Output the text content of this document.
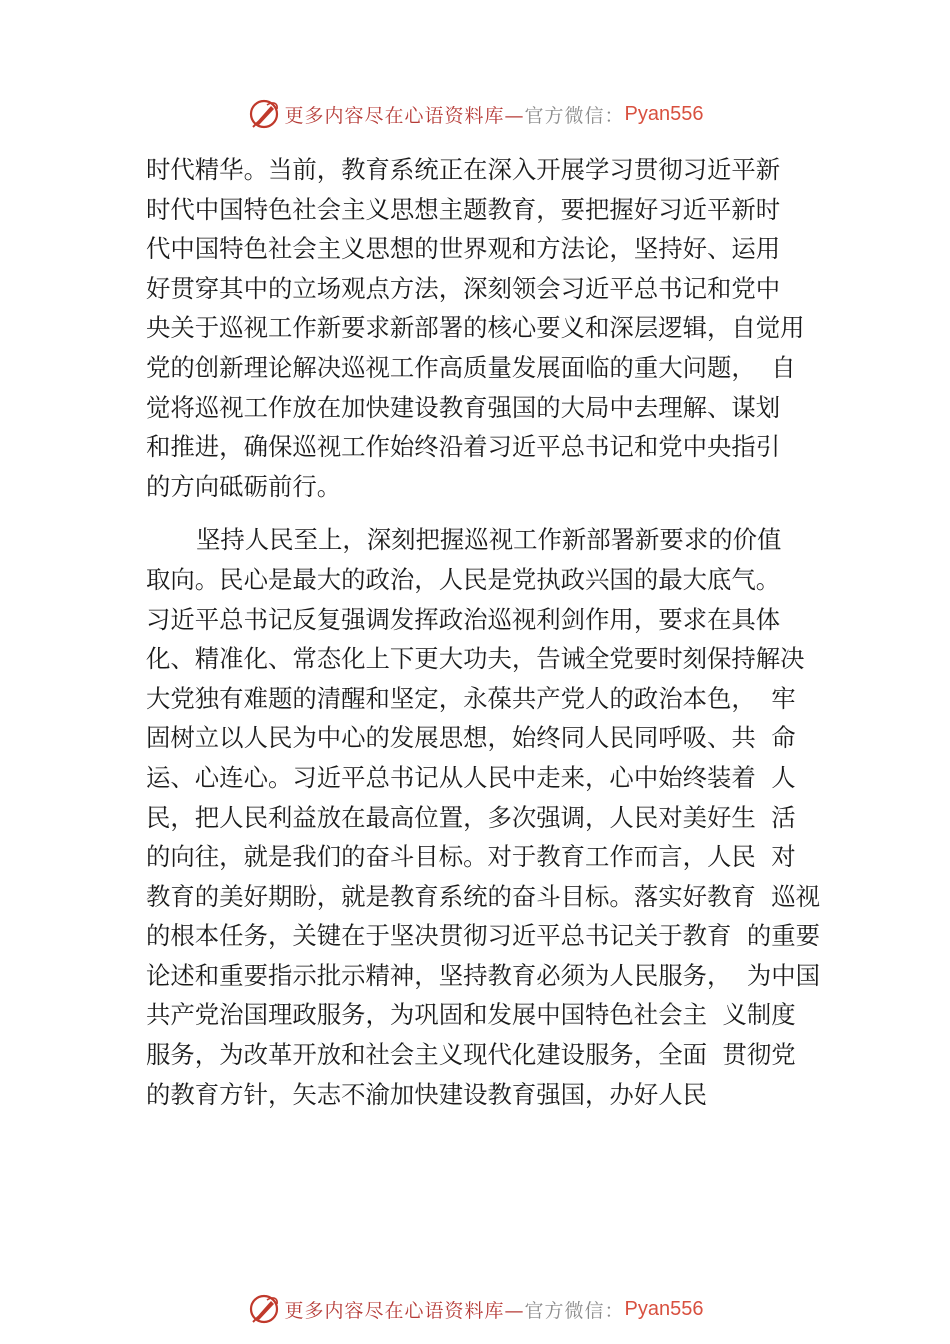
更多内容尽在心语资料库— 官方微信： Pyan556
时代精华。当前，教育系统正在深入开展学习贯彻习近平新
时代中国特色社会主义思想主题教育，要把握好习近平新时
代中国特色社会主义思想的世界观和方法论，坚持好、运用
好贯穿其中的立场观点方法，深刻领会习近平总书记和党中
央关于巡视工作新要求新部署的核心要义和深层逻辑，自觉用
党的创新理论解决巡视工作高质量发展面临的重大问题，  自
觉将巡视工作放在加快建设教育强国的大局中去理解、谋划
和推进，确保巡视工作始终沿着习近平总书记和党中央指引
的方向砥砺前行。
坚持人民至上，深刻把握巡视工作新部署新要求的价值
取向。民心是最大的政治，人民是党执政兴国的最大底气。
习近平总书记反复强调发挥政治巡视利剑作用，要求在具体
化、精准化、常态化上下更大功夫，告诫全党要时刻保持解决
大党独有难题的清醒和坚定，永葆共产党人的政治本色，  牢
固树立以人民为中心的发展思想，始终同人民同呼吸、共  命
运、心连心。习近平总书记从人民中走来，心中始终装着  人
民，把人民利益放在最高位置，多次强调，人民对美好生  活
的向往，就是我们的奋斗目标。对于教育工作而言，人民  对
教育的美好期盼，就是教育系统的奋斗目标。落实好教育  巡视
的根本任务，关键在于坚决贯彻习近平总书记关于教育  的重要
论述和重要指示批示精神，坚持教育必须为人民服务，  为中国
共产党治国理政服务，为巩固和发展中国特色社会主  义制度
服务，为改革开放和社会主义现代化建设服务，全面  贯彻党
的教育方针，矢志不渝加快建设教育强国，办好人民
更多内容尽在心语资料库— 官方微信： Pyan556
